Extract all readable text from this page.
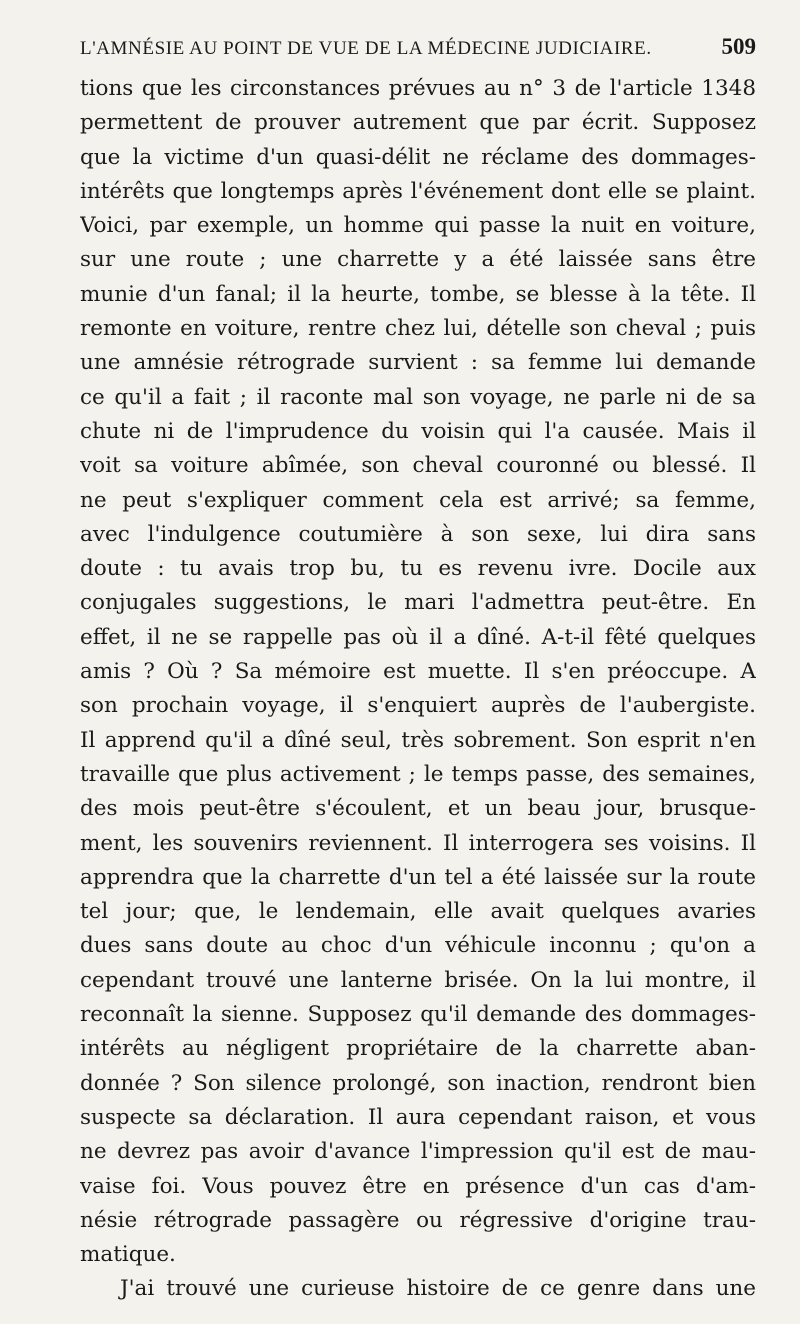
L'AMNÉSIE AU POINT DE VUE DE LA MÉDECINE JUDICIAIRE.	509
tions que les circonstances prévues au n° 3 de l'article 1348
permettent de prouver autrement que par écrit. Supposez
que la victime d'un quasi-délit ne réclame des dommages-
intérêts que longtemps après l'événement dont elle se plaint.
Voici, par exemple, un homme qui passe la nuit en voiture,
sur une route ; une charrette y a été laissée sans être
munie d'un fanal; il la heurte, tombe, se blesse à la tête. Il
remonte en voiture, rentre chez lui, dételle son cheval ; puis
une amnésie rétrograde survient : sa femme lui demande
ce qu'il a fait ; il raconte mal son voyage, ne parle ni de sa
chute ni de l'imprudence du voisin qui l'a causée. Mais il
voit sa voiture abîmée, son cheval couronné ou blessé. Il
ne peut s'expliquer comment cela est arrivé; sa femme,
avec l'indulgence coutumière à son sexe, lui dira sans
doute : tu avais trop bu, tu es revenu ivre. Docile aux
conjugales suggestions, le mari l'admettra peut-être. En
effet, il ne se rappelle pas où il a dîné. A-t-il fêté quelques
amis ? Où ? Sa mémoire est muette. Il s'en préoccupe. A
son prochain voyage, il s'enquiert auprès de l'aubergiste.
Il apprend qu'il a dîné seul, très sobrement. Son esprit n'en
travaille que plus activement ; le temps passe, des semaines,
des mois peut-être s'écoulent, et un beau jour, brusque-
ment, les souvenirs reviennent. Il interrogera ses voisins. Il
apprendra que la charrette d'un tel a été laissée sur la route
tel jour; que, le lendemain, elle avait quelques avaries
dues sans doute au choc d'un véhicule inconnu ; qu'on a
cependant trouvé une lanterne brisée. On la lui montre, il
reconnaît la sienne. Supposez qu'il demande des dommages-
intérêts au négligent propriétaire de la charrette aban-
donnée ? Son silence prolongé, son inaction, rendront bien
suspecte sa déclaration. Il aura cependant raison, et vous
ne devrez pas avoir d'avance l'impression qu'il est de mau-
vaise foi. Vous pouvez être en présence d'un cas d'am-
nésie rétrograde passagère ou régressive d'origine trau-
matique.
J'ai trouvé une curieuse histoire de ce genre dans une
